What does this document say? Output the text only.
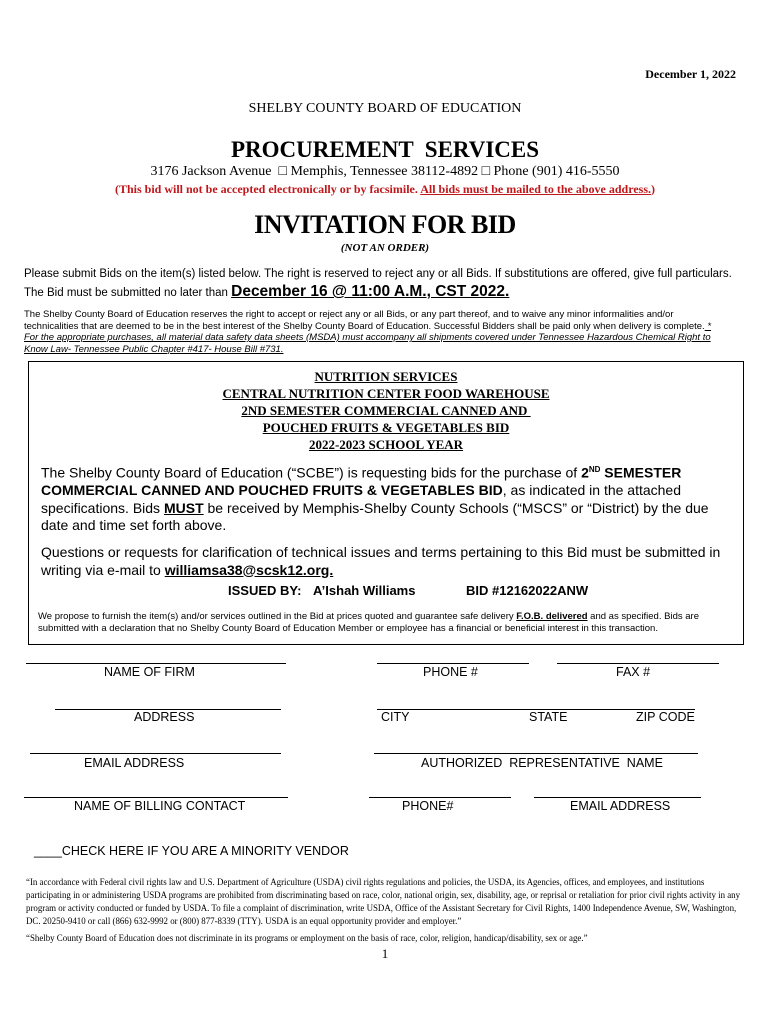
December 1, 2022
SHELBY COUNTY BOARD OF EDUCATION
PROCUREMENT  SERVICES
3176 Jackson Avenue  □ Memphis, Tennessee 38112-4892 □ Phone (901) 416-5550
(This bid will not be accepted electronically or by facsimile. All bids must be mailed to the above address.)
INVITATION FOR BID
(NOT AN ORDER)
Please submit Bids on the item(s) listed below. The right is reserved to reject any or all Bids. If substitutions are offered, give full particulars.
The Bid must be submitted no later than December 16 @ 11:00 A.M., CST 2022.
The Shelby County Board of Education reserves the right to accept or reject any or all Bids, or any part thereof, and to waive any minor informalities and/or technicalities that are deemed to be in the best interest of the Shelby County Board of Education. Successful Bidders shall be paid only when delivery is complete. * For the appropriate purchases, all material data safety data sheets (MSDA) must accompany all shipments covered under Tennessee Hazardous Chemical Right to Know Law- Tennessee Public Chapter #417- House Bill #731.
NUTRITION SERVICES
CENTRAL NUTRITION CENTER FOOD WAREHOUSE
2ND SEMESTER COMMERCIAL CANNED AND
POUCHED FRUITS & VEGETABLES BID
2022-2023 SCHOOL YEAR
The Shelby County Board of Education (“SCBE”) is requesting bids for the purchase of 2ND SEMESTER COMMERCIAL CANNED AND POUCHED FRUITS & VEGETABLES BID, as indicated in the attached specifications. Bids MUST be received by Memphis-Shelby County Schools (“MSCS” or “District) by the due date and time set forth above.
Questions or requests for clarification of technical issues and terms pertaining to this Bid must be submitted in writing via e-mail to williamsa38@scsk12.org.
ISSUED BY: A’Ishah Williams	BID #12162022ANW
We propose to furnish the item(s) and/or services outlined in the Bid at prices quoted and guarantee safe delivery F.O.B. delivered and as specified. Bids are submitted with a declaration that no Shelby County Board of Education Member or employee has a financial or beneficial interest in this transaction.
NAME OF FIRM	PHONE #	FAX #
ADDRESS	CITY	STATE	ZIP CODE
EMAIL ADDRESS	AUTHORIZED  REPRESENTATIVE  NAME
NAME OF BILLING CONTACT	PHONE#	EMAIL ADDRESS
____CHECK HERE IF YOU ARE A MINORITY VENDOR
“In accordance with Federal civil rights law and U.S. Department of Agriculture (USDA) civil rights regulations and policies, the USDA, its Agencies, offices, and employees, and institutions participating in or administering USDA programs are prohibited from discriminating based on race, color, national origin, sex, disability, age, or reprisal or retaliation for prior civil rights activity in any program or activity conducted or funded by USDA. To file a complaint of discrimination, write USDA, Office of the Assistant Secretary for Civil Rights, 1400 Independence Avenue, SW, Washington, DC. 20250-9410 or call (866) 632-9992 or (800) 877-8339 (TTY). USDA is an equal opportunity provider and employer.”
“Shelby County Board of Education does not discriminate in its programs or employment on the basis of race, color, religion, handicap/disability, sex or age.”
1
